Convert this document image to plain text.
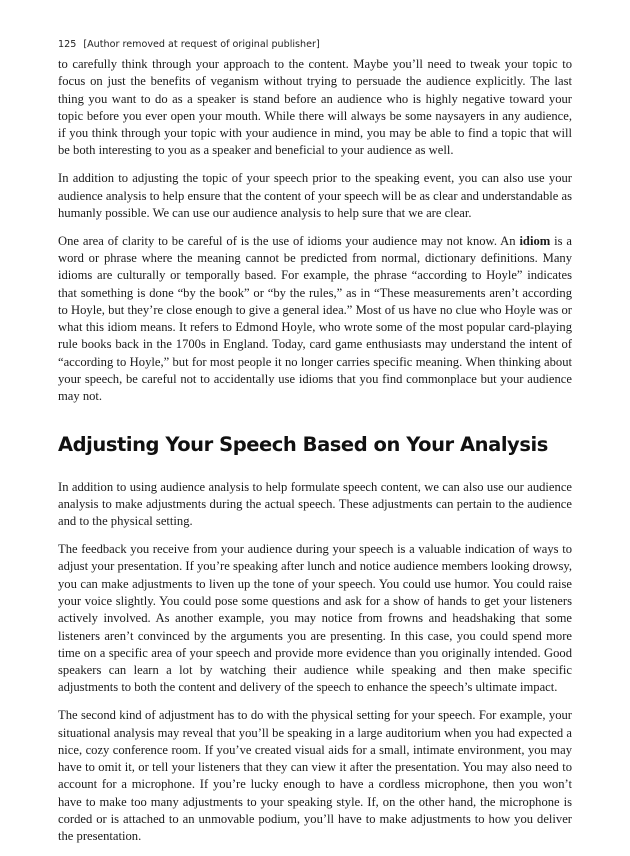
125 [Author removed at request of original publisher]

to carefully think through your approach to the content. Maybe you’ll need to tweak your topic to focus on just the benefits of veganism without trying to persuade the audience explicitly. The last thing you want to do as a speaker is stand before an audience who is highly negative toward your topic before you ever open your mouth. While there will always be some naysayers in any audience, if you think through your topic with your audience in mind, you may be able to find a topic that will be both interesting to you as a speaker and beneficial to your audience as well.

In addition to adjusting the topic of your speech prior to the speaking event, you can also use your audience analysis to help ensure that the content of your speech will be as clear and understandable as humanly possible. We can use our audience analysis to help sure that we are clear.

One area of clarity to be careful of is the use of idioms your audience may not know. An idiom is a word or phrase where the meaning cannot be predicted from normal, dictionary definitions. Many idioms are culturally or temporally based. For example, the phrase “according to Hoyle” indicates that something is done “by the book” or “by the rules,” as in “These measurements aren’t according to Hoyle, but they’re close enough to give a general idea.” Most of us have no clue who Hoyle was or what this idiom means. It refers to Edmond Hoyle, who wrote some of the most popular card-playing rule books back in the 1700s in England. Today, card game enthusiasts may understand the intent of “according to Hoyle,” but for most people it no longer carries specific meaning. When thinking about your speech, be careful not to accidentally use idioms that you find commonplace but your audience may not.

Adjusting Your Speech Based on Your Analysis

In addition to using audience analysis to help formulate speech content, we can also use our audience analysis to make adjustments during the actual speech. These adjustments can pertain to the audience and to the physical setting.

The feedback you receive from your audience during your speech is a valuable indication of ways to adjust your presentation. If you’re speaking after lunch and notice audience members looking drowsy, you can make adjustments to liven up the tone of your speech. You could use humor. You could raise your voice slightly. You could pose some questions and ask for a show of hands to get your listeners actively involved. As another example, you may notice from frowns and headshaking that some listeners aren’t convinced by the arguments you are presenting. In this case, you could spend more time on a specific area of your speech and provide more evidence than you originally intended. Good speakers can learn a lot by watching their audience while speaking and then make specific adjustments to both the content and delivery of the speech to enhance the speech’s ultimate impact.

The second kind of adjustment has to do with the physical setting for your speech. For example, your situational analysis may reveal that you’ll be speaking in a large auditorium when you had expected a nice, cozy conference room. If you’ve created visual aids for a small, intimate environment, you may have to omit it, or tell your listeners that they can view it after the presentation. You may also need to account for a microphone. If you’re lucky enough to have a cordless microphone, then you won’t have to make too many adjustments to your speaking style. If, on the other hand, the microphone is corded or is attached to an unmovable podium, you’ll have to make adjustments to how you deliver the presentation.
